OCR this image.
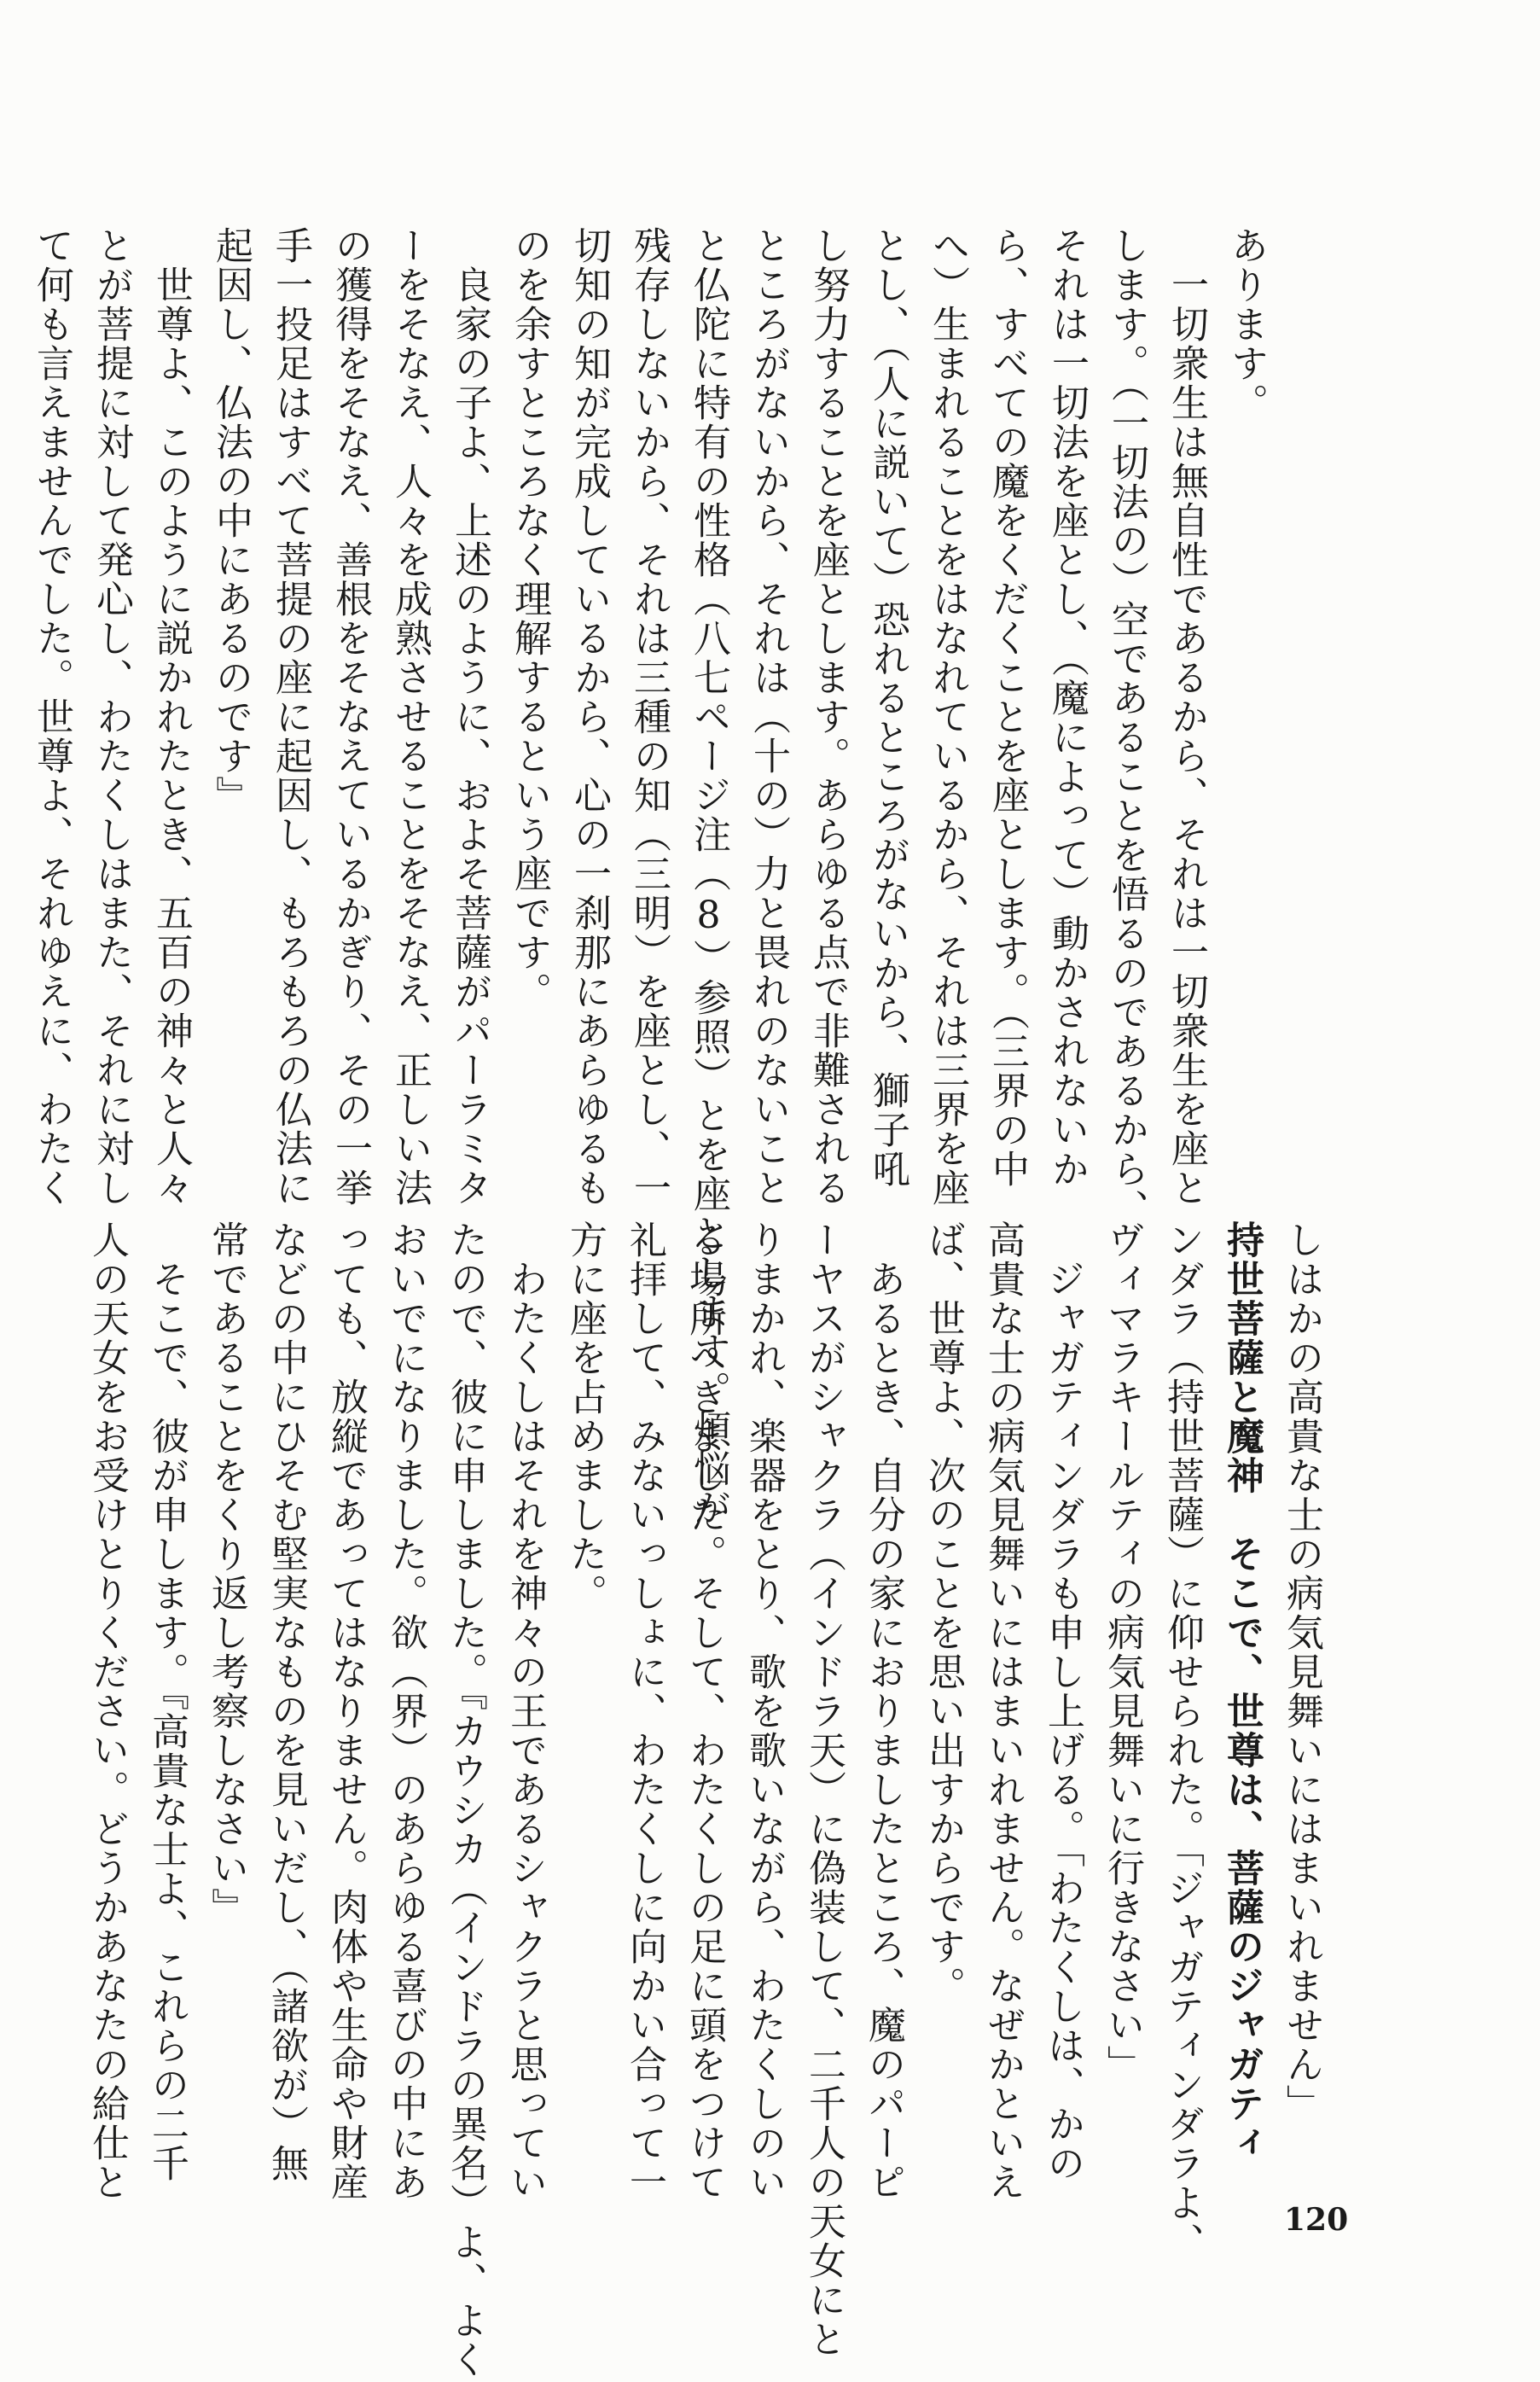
あります。
　一切衆生は無自性であるから、それは一切衆生を座と
します。（一切法の）空であることを悟るのであるから、
それは一切法を座とし、（魔によって）動かされないか
ら、すべての魔をくだくことを座とします。（三界の中
へ）生まれることをはなれているから、それは三界を座
とし、（人に説いて）恐れるところがないから、獅子吼
し努力することを座とします。あらゆる点で非難される
ところがないから、それは（十の）力と畏れのないこと
と仏陀に特有の性格（八七ページ注（8）参照）とを座とします。煩悩が
残存しないから、それは三種の知（三明）を座とし、一
切知の知が完成しているから、心の一刹那にあらゆるも
のを余すところなく理解するという座です。
　良家の子よ、上述のように、およそ菩薩がパーラミタ
ーをそなえ、人々を成熟させることをそなえ、正しい法
の獲得をそなえ、善根をそなえているかぎり、その一挙
手一投足はすべて菩提の座に起因し、もろもろの仏法に
起因し、仏法の中にあるのです』
　世尊よ、このように説かれたとき、五百の神々と人々
とが菩提に対して発心し、わたくしはまた、それに対し
て何も言えませんでした。世尊よ、それゆえに、わたく
しはかの高貴な士の病気見舞いにはまいれません」
持世菩薩と魔神　そこで、世尊は、菩薩のジャガティ
ンダラ（持世菩薩）に仰せられた。「ジャガティンダラよ、
ヴィマラキールティの病気見舞いに行きなさい」
　ジャガティンダラも申し上げる。「わたくしは、かの
高貴な士の病気見舞いにはまいれません。なぜかといえ
ば、世尊よ、次のことを思い出すからです。
　あるとき、自分の家におりましたところ、魔のパーピ
ーヤスがシャクラ（インドラ天）に偽装して、二千人の天女にと
りまかれ、楽器をとり、歌を歌いながら、わたくしのい
る場所へきました。そして、わたくしの足に頭をつけて
礼拝して、みないっしょに、わたくしに向かい合って一
方に座を占めました。
　わたくしはそれを神々の王であるシャクラと思ってい
たので、彼に申しました。『カウシカ（インドラの異名）よ、よく
おいでになりました。欲（界）のあらゆる喜びの中にあ
っても、放縦であってはなりません。肉体や生命や財産
などの中にひそむ堅実なものを見いだし、（諸欲が）無
常であることをくり返し考察しなさい』
　そこで、彼が申します。『高貴な士よ、これらの二千
人の天女をお受けとりください。どうかあなたの給仕と
120
